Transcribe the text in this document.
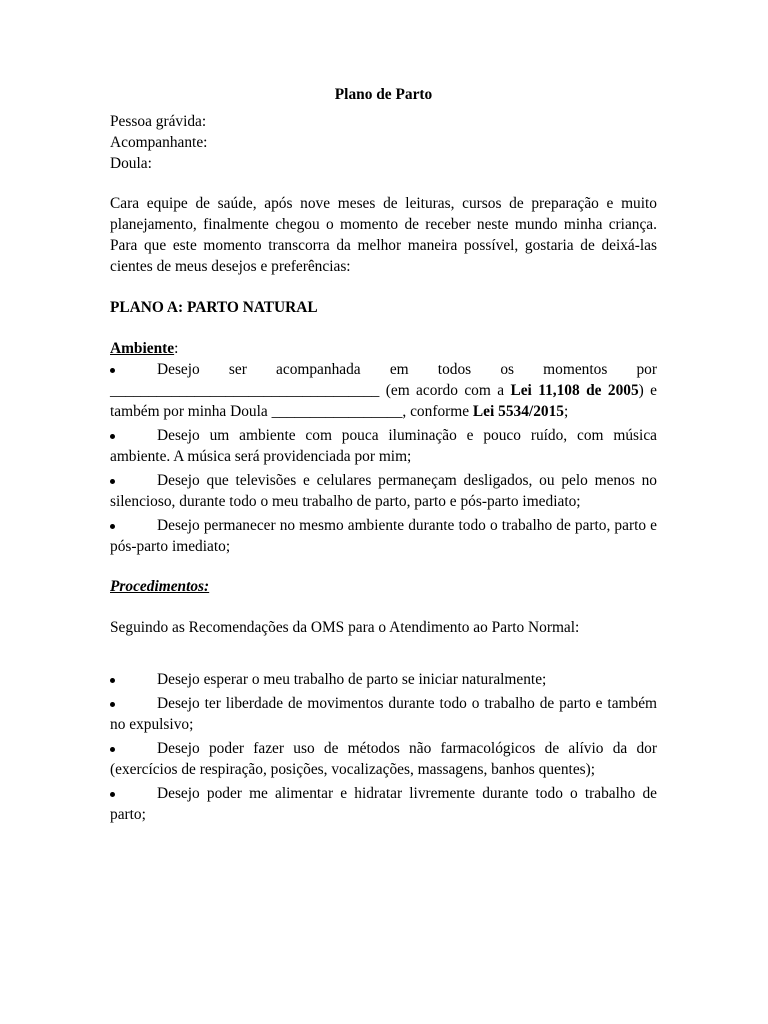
Plano de Parto

Pessoa grávida:

Acompanhante:

Doula:

Cara equipe de saúde, após nove meses de leituras, cursos de preparação e muito planejamento, finalmente chegou o momento de receber neste mundo minha criança. Para que este momento transcorra da melhor maneira possível, gostaria de deixá-las cientes de meus desejos e preferências:

PLANO A: PARTO NATURAL

Ambiente:

Desejo ser acompanhada em todos os momentos por ___________________________________ (em acordo com a Lei 11,108 de 2005) e também por minha Doula _________________, conforme Lei 5534/2015;
Desejo um ambiente com pouca iluminação e pouco ruído, com música ambiente. A música será providenciada por mim;
Desejo que televisões e celulares permaneçam desligados, ou pelo menos no silencioso, durante todo o meu trabalho de parto, parto e pós-parto imediato;
Desejo permanecer no mesmo ambiente durante todo o trabalho de parto, parto e pós-parto imediato;

Procedimentos:

Seguindo as Recomendações da OMS para o Atendimento ao Parto Normal:

Desejo esperar o meu trabalho de parto se iniciar naturalmente;
Desejo ter liberdade de movimentos durante todo o trabalho de parto e também no expulsivo;
Desejo poder fazer uso de métodos não farmacológicos de alívio da dor (exercícios de respiração, posições, vocalizações, massagens, banhos quentes);
Desejo poder me alimentar e hidratar livremente durante todo o trabalho de parto;
